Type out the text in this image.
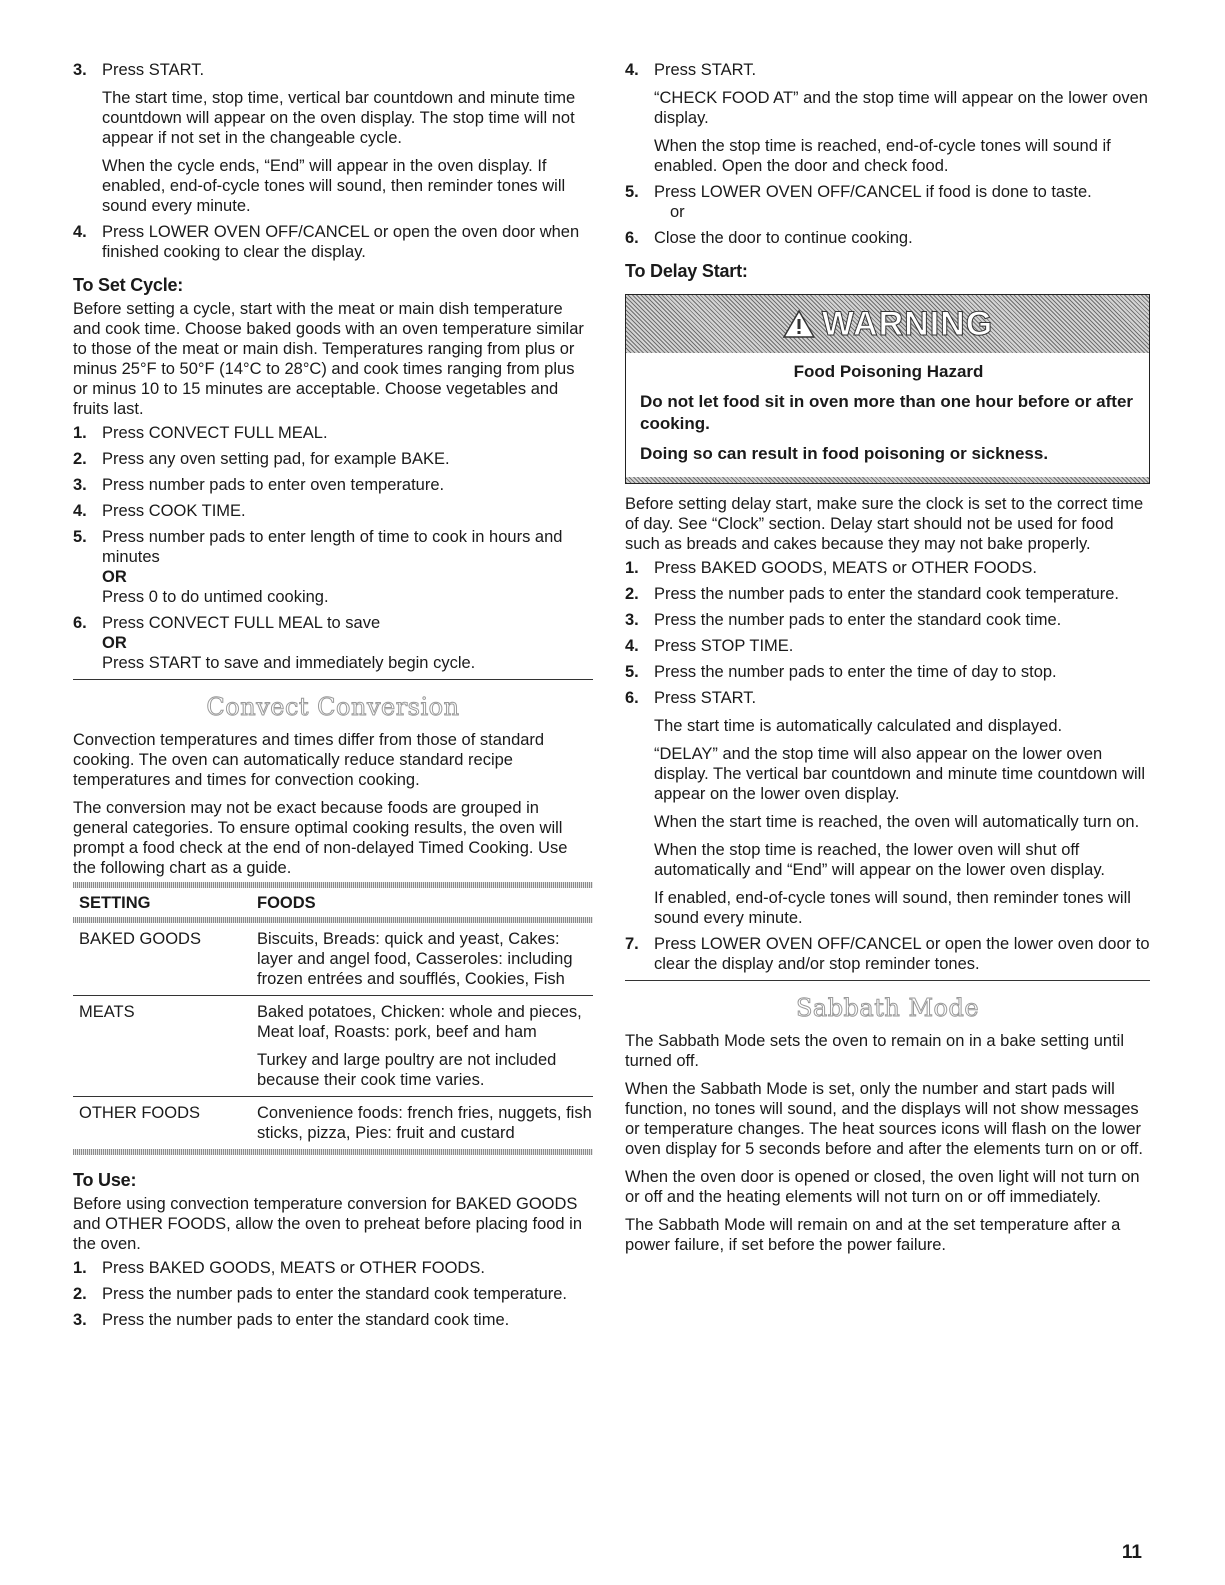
3. Press START.

The start time, stop time, vertical bar countdown and minute time countdown will appear on the oven display. The stop time will not appear if not set in the changeable cycle.

When the cycle ends, “End” will appear in the oven display. If enabled, end-of-cycle tones will sound, then reminder tones will sound every minute.

4. Press LOWER OVEN OFF/CANCEL or open the oven door when finished cooking to clear the display.

To Set Cycle:

Before setting a cycle, start with the meat or main dish temperature and cook time. Choose baked goods with an oven temperature similar to those of the meat or main dish. Temperatures ranging from plus or minus 25°F to 50°F (14°C to 28°C) and cook times ranging from plus or minus 10 to 15 minutes are acceptable. Choose vegetables and fruits last.

1. Press CONVECT FULL MEAL.

2. Press any oven setting pad, for example BAKE.

3. Press number pads to enter oven temperature.

4. Press COOK TIME.

5. Press number pads to enter length of time to cook in hours and minutes

OR

Press 0 to do untimed cooking.

6. Press CONVECT FULL MEAL to save

OR

Press START to save and immediately begin cycle.

Convect Conversion

Convection temperatures and times differ from those of standard cooking. The oven can automatically reduce standard recipe temperatures and times for convection cooking.

The conversion may not be exact because foods are grouped in general categories. To ensure optimal cooking results, the oven will prompt a food check at the end of non-delayed Timed Cooking. Use the following chart as a guide.

SETTING	FOODS

BAKED GOODS	Biscuits, Breads: quick and yeast, Cakes: layer and angel food, Casseroles: including frozen entrées and soufflés, Cookies, Fish

MEATS	Baked potatoes, Chicken: whole and pieces, Meat loaf, Roasts: pork, beef and ham

Turkey and large poultry are not included because their cook time varies.

OTHER FOODS	Convenience foods: french fries, nuggets, fish sticks, pizza, Pies: fruit and custard

To Use:

Before using convection temperature conversion for BAKED GOODS and OTHER FOODS, allow the oven to preheat before placing food in the oven.

1. Press BAKED GOODS, MEATS or OTHER FOODS.

2. Press the number pads to enter the standard cook temperature.

3. Press the number pads to enter the standard cook time.

4. Press START.

“CHECK FOOD AT” and the stop time will appear on the lower oven display.

When the stop time is reached, end-of-cycle tones will sound if enabled. Open the door and check food.

5. Press LOWER OVEN OFF/CANCEL if food is done to taste.

or

6. Close the door to continue cooking.

To Delay Start:
WARNING

Food Poisoning Hazard

Do not let food sit in oven more than one hour before or after cooking.

Doing so can result in food poisoning or sickness.

Before setting delay start, make sure the clock is set to the correct time of day. See “Clock” section. Delay start should not be used for food such as breads and cakes because they may not bake properly.

1. Press BAKED GOODS, MEATS or OTHER FOODS.

2. Press the number pads to enter the standard cook temperature.

3. Press the number pads to enter the standard cook time.

4. Press STOP TIME.

5. Press the number pads to enter the time of day to stop.

6. Press START.

The start time is automatically calculated and displayed.

“DELAY” and the stop time will also appear on the lower oven display. The vertical bar countdown and minute time countdown will appear on the lower oven display.

When the start time is reached, the oven will automatically turn on.

When the stop time is reached, the lower oven will shut off automatically and “End” will appear on the lower oven display.

If enabled, end-of-cycle tones will sound, then reminder tones will sound every minute.

7. Press LOWER OVEN OFF/CANCEL or open the lower oven door to clear the display and/or stop reminder tones.

Sabbath Mode

The Sabbath Mode sets the oven to remain on in a bake setting until turned off.

When the Sabbath Mode is set, only the number and start pads will function, no tones will sound, and the displays will not show messages or temperature changes. The heat sources icons will flash on the lower oven display for 5 seconds before and after the elements turn on or off.

When the oven door is opened or closed, the oven light will not turn on or off and the heating elements will not turn on or off immediately.

The Sabbath Mode will remain on and at the set temperature after a power failure, if set before the power failure.

11
